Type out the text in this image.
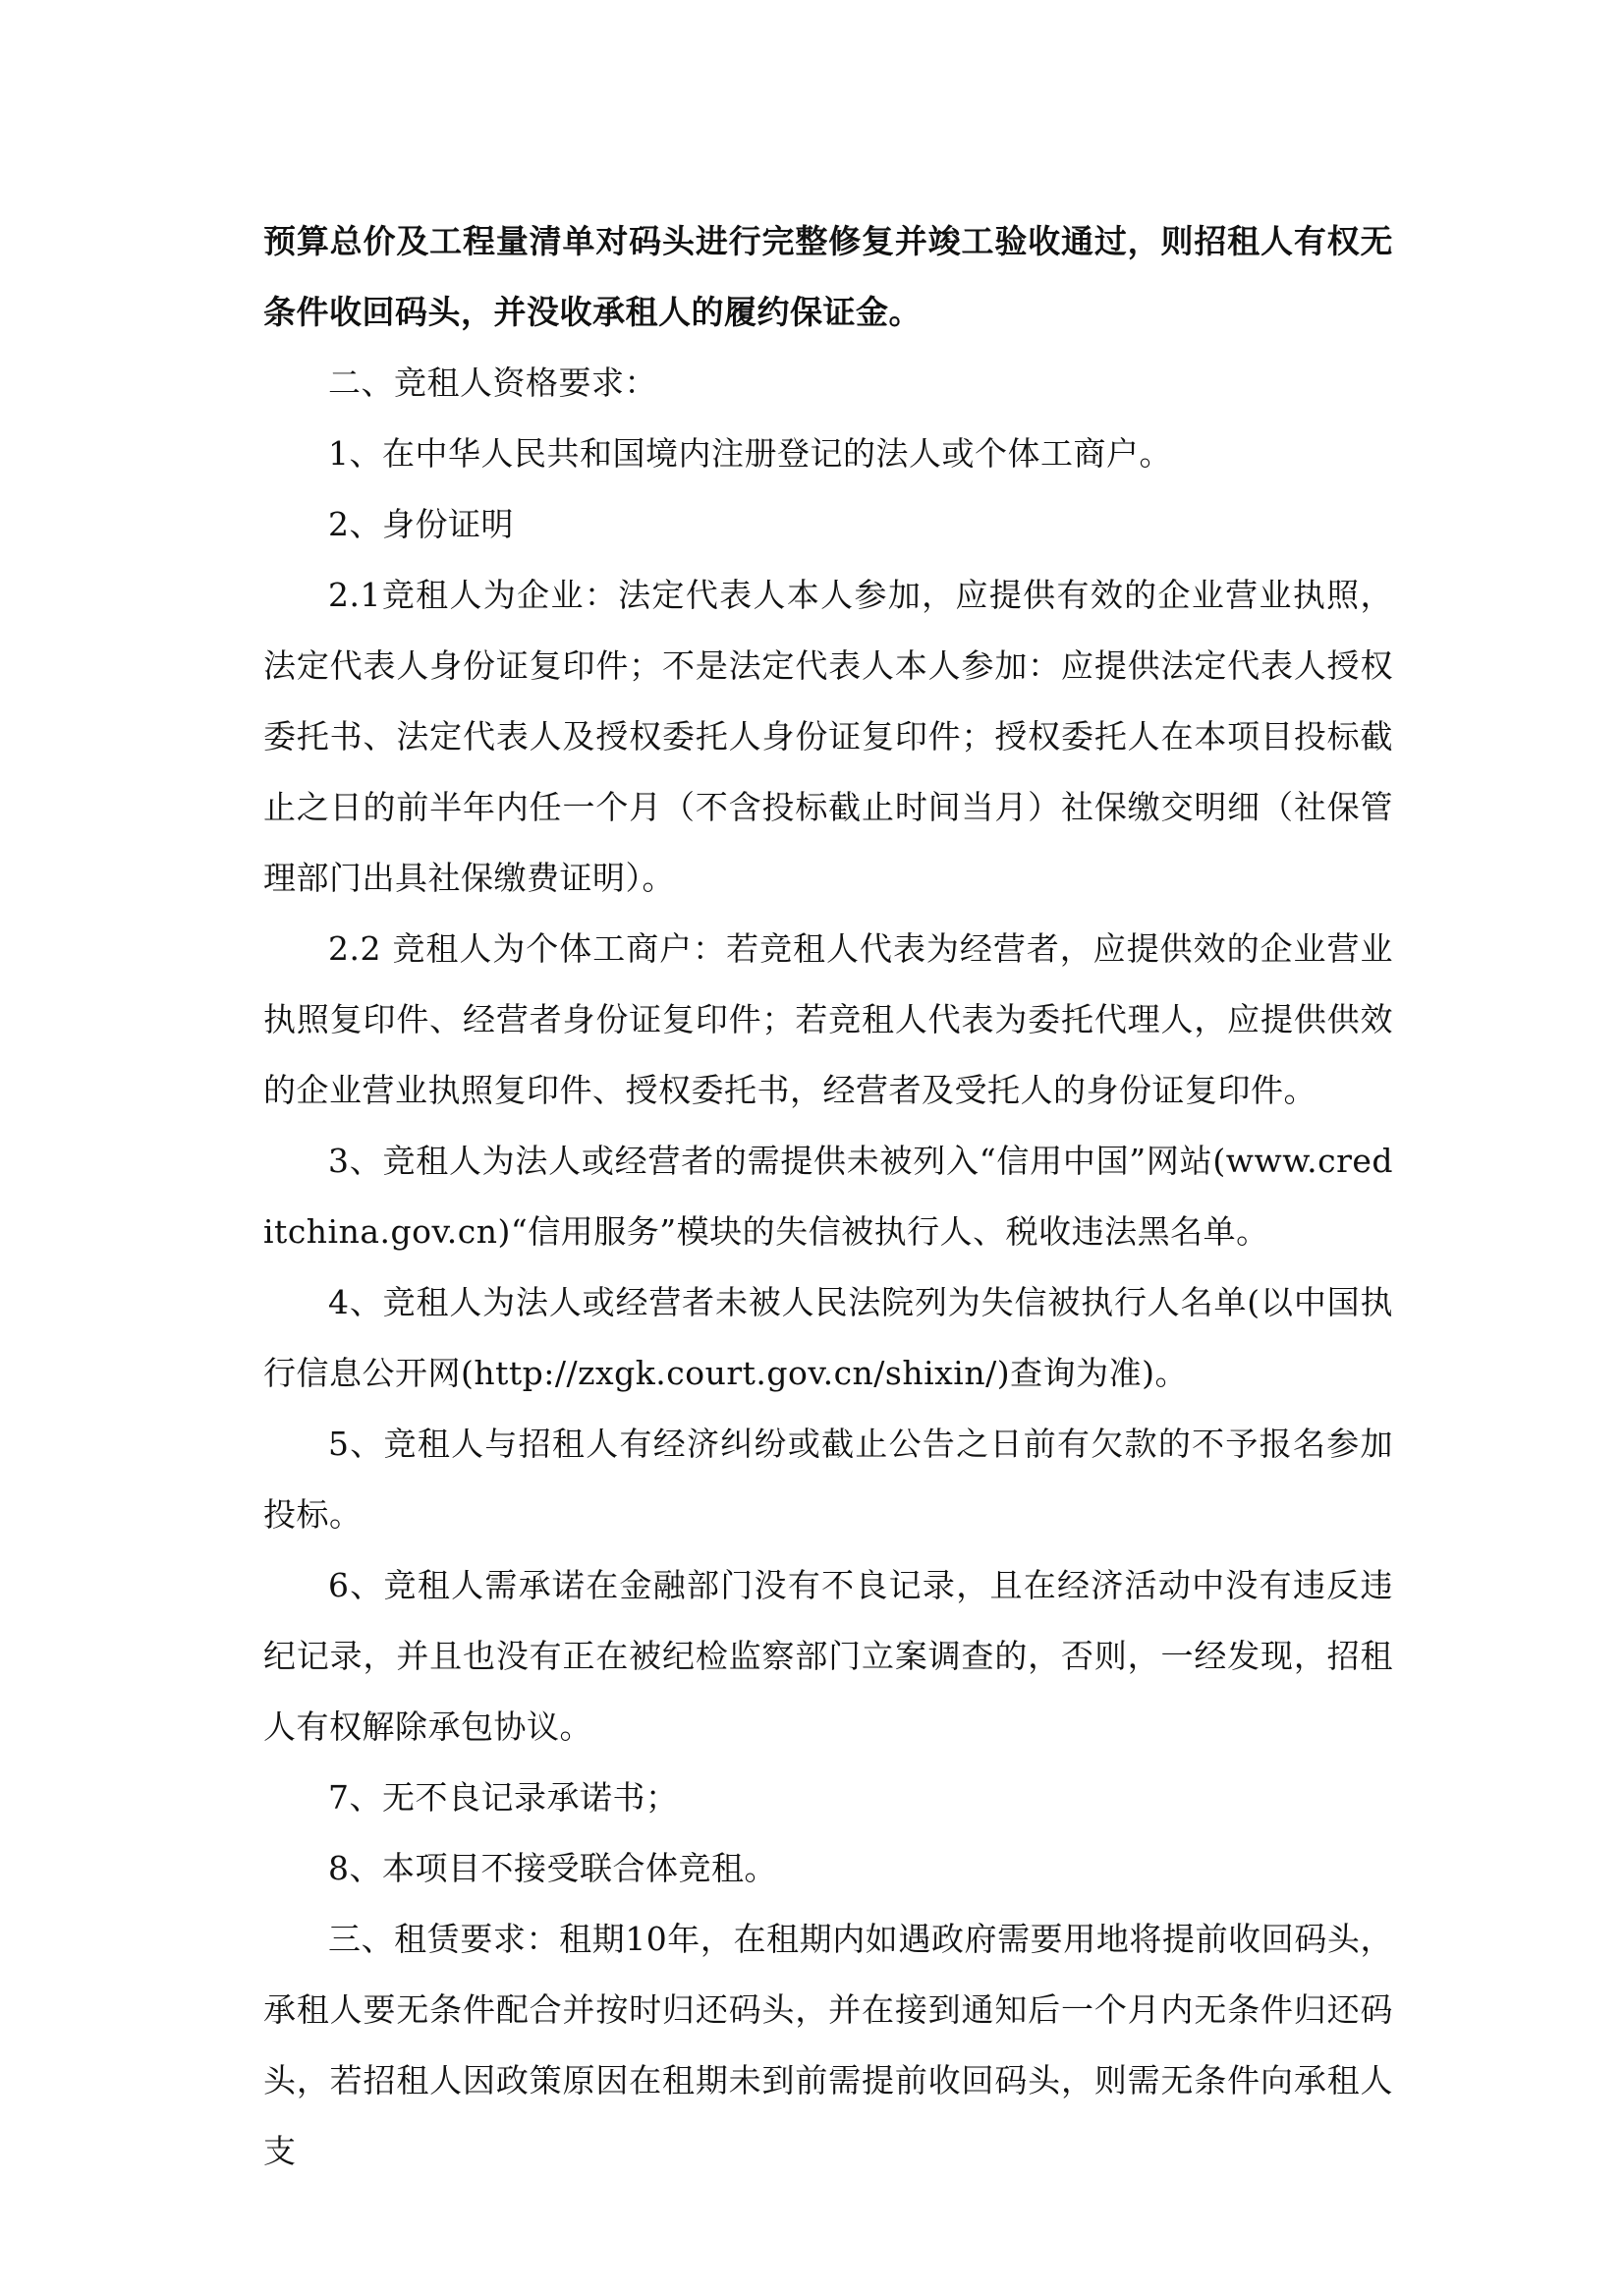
预算总价及工程量清单对码头进行完整修复并竣工验收通过，则招租人有权无条件收回码头，并没收承租人的履约保证金。

二、竞租人资格要求：

1、在中华人民共和国境内注册登记的法人或个体工商户。

2、身份证明

2.1竞租人为企业：法定代表人本人参加，应提供有效的企业营业执照，法定代表人身份证复印件；不是法定代表人本人参加：应提供法定代表人授权委托书、法定代表人及授权委托人身份证复印件；授权委托人在本项目投标截止之日的前半年内任一个月（不含投标截止时间当月）社保缴交明细（社保管理部门出具社保缴费证明）。

2.2 竞租人为个体工商户：若竞租人代表为经营者，应提供效的企业营业执照复印件、经营者身份证复印件；若竞租人代表为委托代理人，应提供供效的企业营业执照复印件、授权委托书，经营者及受托人的身份证复印件。

3、竞租人为法人或经营者的需提供未被列入“信用中国”网站(www.creditchina.gov.cn)“信用服务”模块的失信被执行人、税收违法黑名单。

4、竞租人为法人或经营者未被人民法院列为失信被执行人名单(以中国执行信息公开网(http://zxgk.court.gov.cn/shixin/)查询为准)。

5、竞租人与招租人有经济纠纷或截止公告之日前有欠款的不予报名参加投标。

6、竞租人需承诺在金融部门没有不良记录，且在经济活动中没有违反违纪记录，并且也没有正在被纪检监察部门立案调查的，否则，一经发现，招租人有权解除承包协议。

7、无不良记录承诺书；

8、本项目不接受联合体竞租。

三、租赁要求：租期10年，在租期内如遇政府需要用地将提前收回码头，承租人要无条件配合并按时归还码头，并在接到通知后一个月内无条件归还码头，若招租人因政策原因在租期未到前需提前收回码头，则需无条件向承租人支
